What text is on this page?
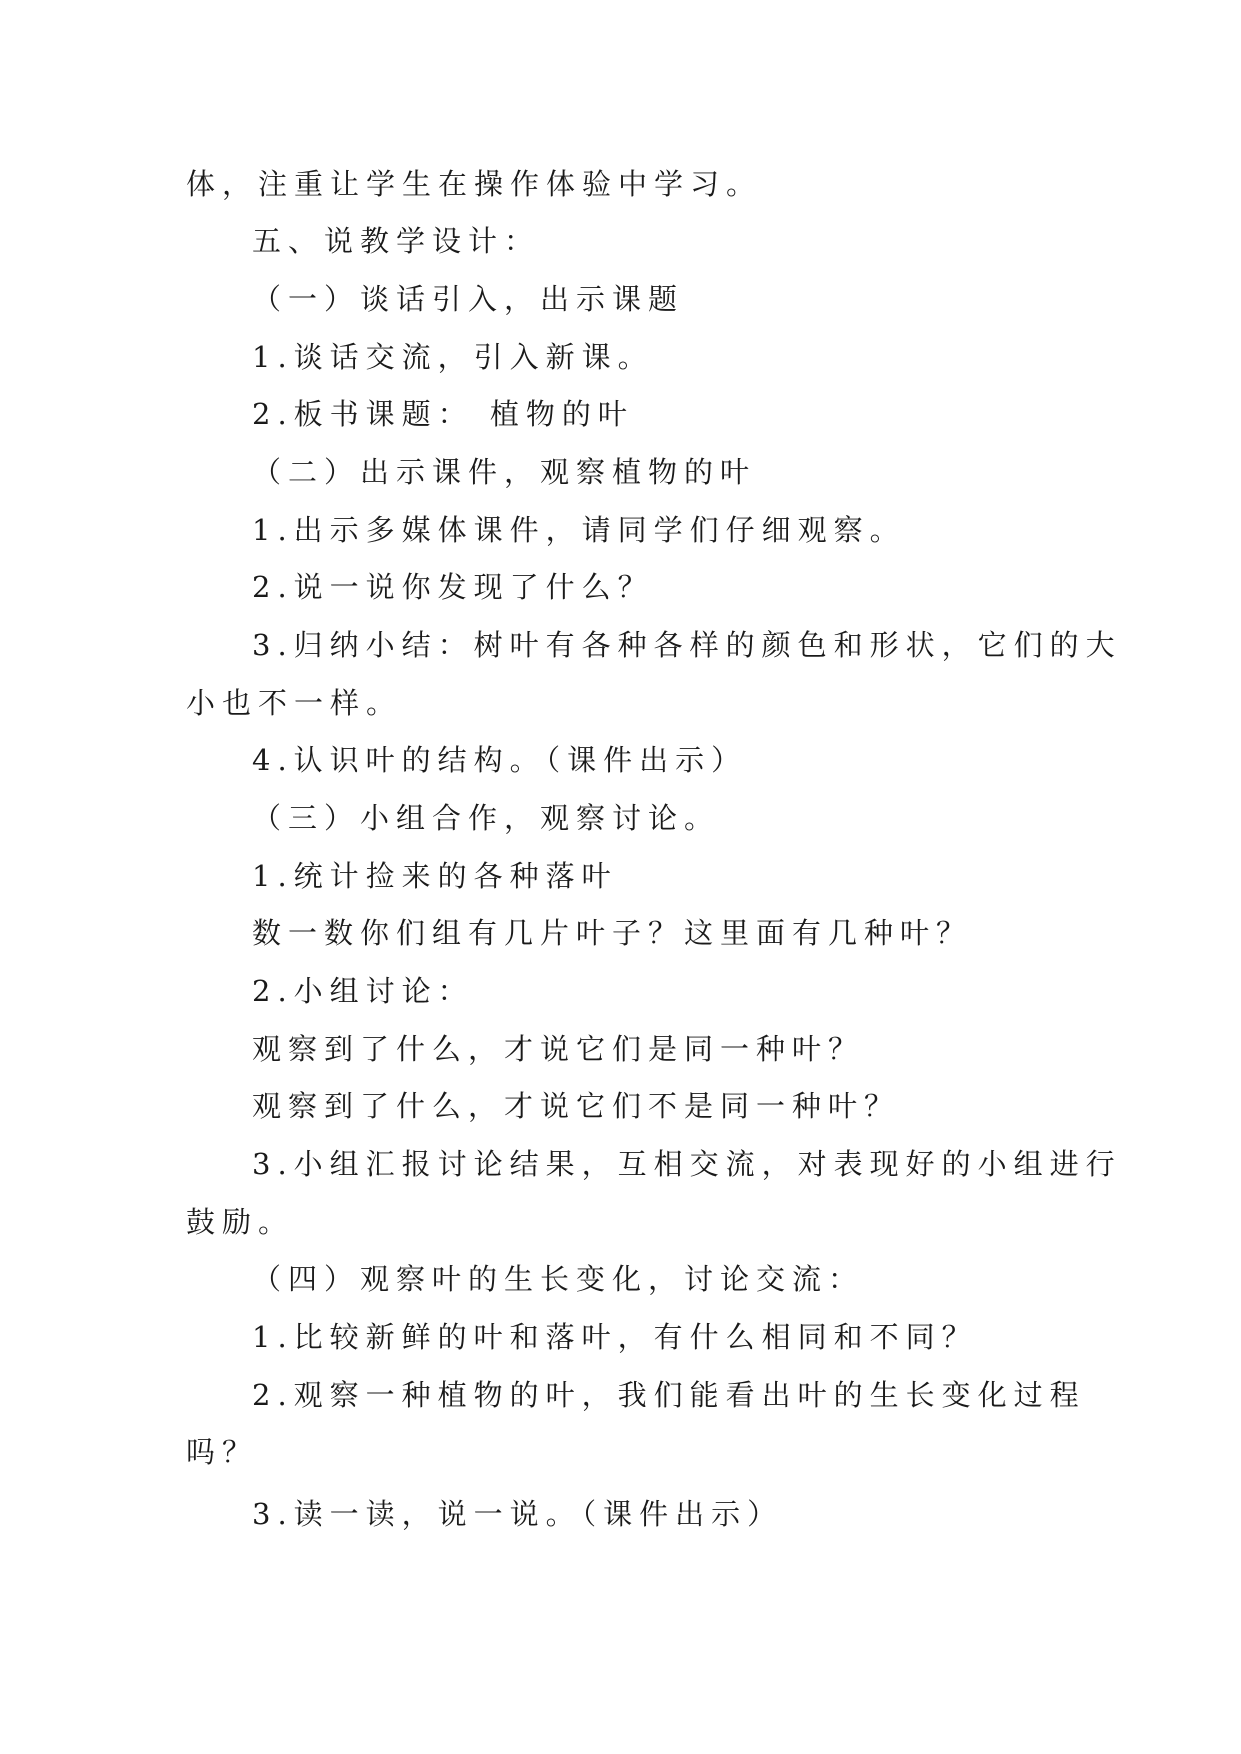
体，注重让学生在操作体验中学习。
五、说教学设计：
（一）谈话引入，出示课题
1.谈话交流，引入新课。
2.板书课题： 植物的叶
（二）出示课件，观察植物的叶
1.出示多媒体课件，请同学们仔细观察。
2.说一说你发现了什么？
3.归纳小结：树叶有各种各样的颜色和形状，它们的大
小也不一样。
4.认识叶的结构。（课件出示）
（三）小组合作，观察讨论。
1.统计捡来的各种落叶
数一数你们组有几片叶子？这里面有几种叶？
2.小组讨论：
观察到了什么，才说它们是同一种叶？
观察到了什么，才说它们不是同一种叶？
3.小组汇报讨论结果，互相交流，对表现好的小组进行
鼓励。
（四）观察叶的生长变化，讨论交流：
1.比较新鲜的叶和落叶，有什么相同和不同？
2.观察一种植物的叶，我们能看出叶的生长变化过程
吗？
3.读一读，说一说。（课件出示）
